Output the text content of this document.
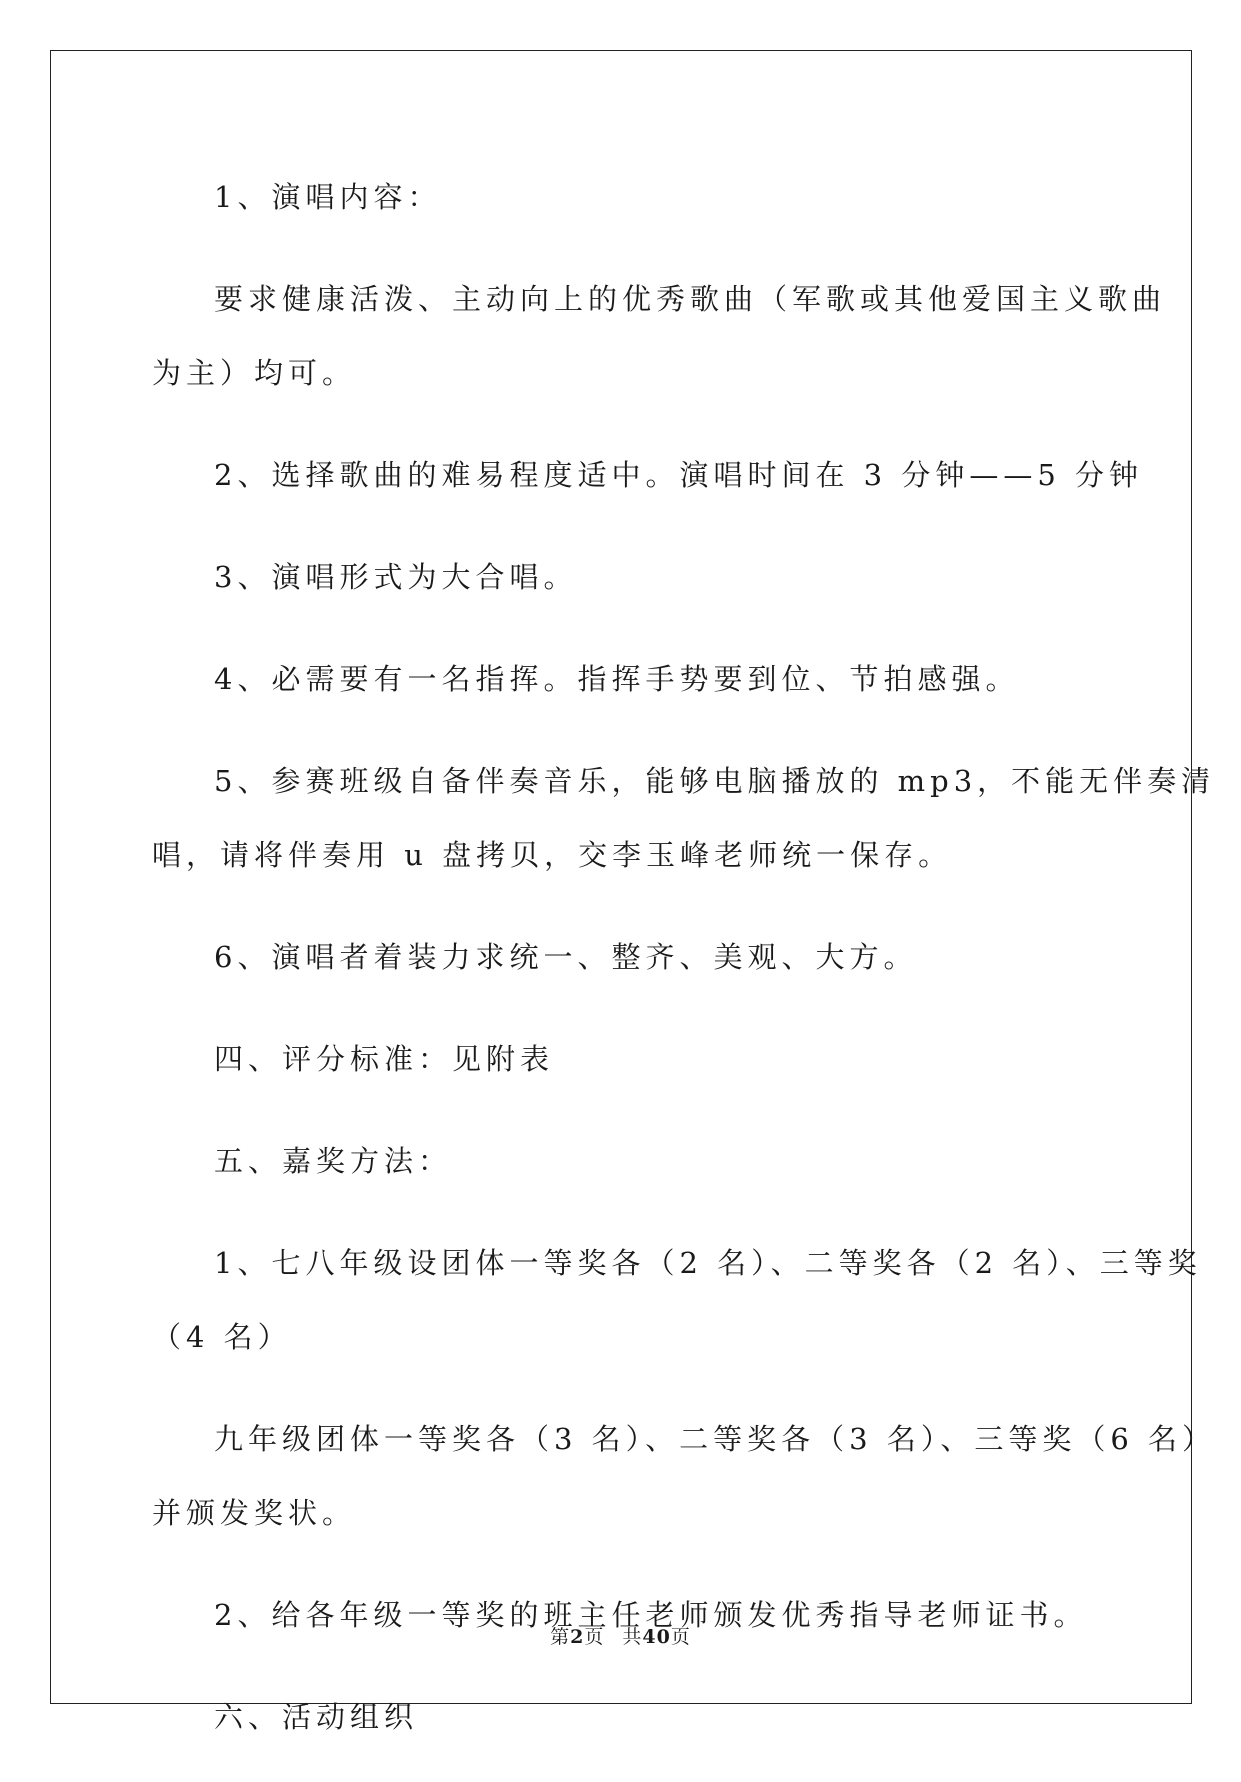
1、演唱内容：

要求健康活泼、主动向上的优秀歌曲（军歌或其他爱国主义歌曲
为主）均可。

2、选择歌曲的难易程度适中。演唱时间在 3 分钟——5 分钟

3、演唱形式为大合唱。

4、必需要有一名指挥。指挥手势要到位、节拍感强。

5、参赛班级自备伴奏音乐，能够电脑播放的 mp3，不能无伴奏清
唱，请将伴奏用 u 盘拷贝，交李玉峰老师统一保存。

6、演唱者着装力求统一、整齐、美观、大方。

四、评分标准：见附表

五、嘉奖方法：

1、七八年级设团体一等奖各（2 名）、二等奖各（2 名）、三等奖
（4 名）

九年级团体一等奖各（3 名）、二等奖各（3 名）、三等奖（6 名）
并颁发奖状。

2、给各年级一等奖的班主任老师颁发优秀指导老师证书。

六、活动组织

第2页 共40页
